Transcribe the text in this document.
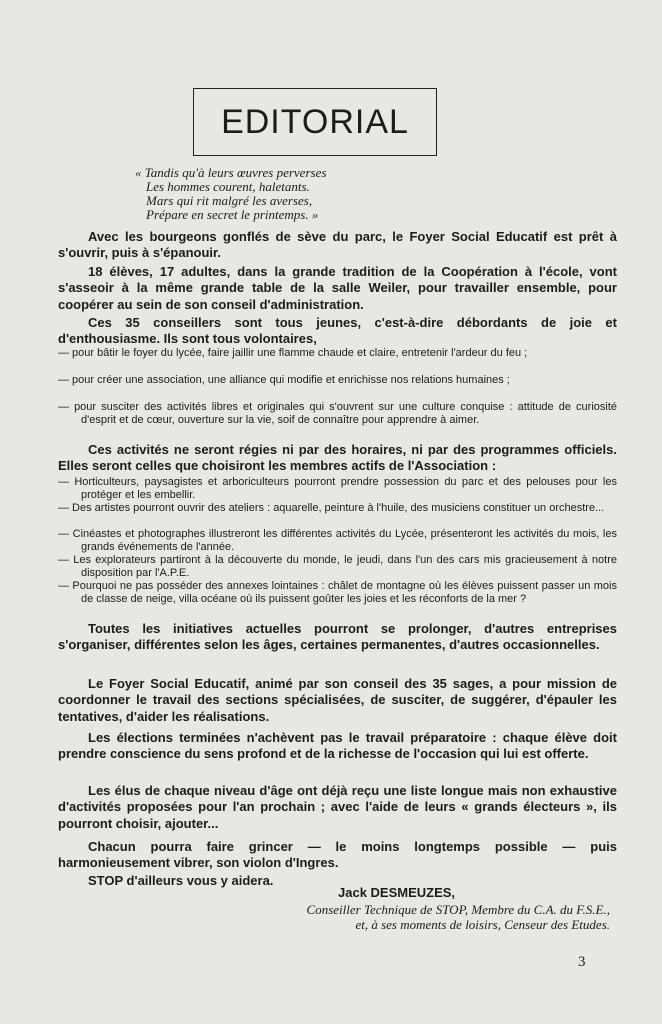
EDITORIAL
« Tandis qu'à leurs œuvres perverses
Les hommes courent, haletants.
Mars qui rit malgré les averses,
Prépare en secret le printemps. »
Avec les bourgeons gonflés de sève du parc, le Foyer Social Educatif est prêt à s'ouvrir, puis à s'épanouir.
18 élèves, 17 adultes, dans la grande tradition de la Coopération à l'école, vont s'asseoir à la même grande table de la salle Weiler, pour travailler ensemble, pour coopérer au sein de son conseil d'administration.
Ces 35 conseillers sont tous jeunes, c'est-à-dire débordants de joie et d'enthousiasme. Ils sont tous volontaires,
— pour bâtir le foyer du lycée, faire jaillir une flamme chaude et claire, entretenir l'ardeur du feu ;
— pour créer une association, une alliance qui modifie et enrichisse nos relations humaines ;
— pour susciter des activités libres et originales qui s'ouvrent sur une culture conquise : attitude de curiosité d'esprit et de cœur, ouverture sur la vie, soif de connaître pour apprendre à aimer.
Ces activités ne seront régies ni par des horaires, ni par des programmes officiels. Elles seront celles que choisiront les membres actifs de l'Association :
— Horticulteurs, paysagistes et arboriculteurs pourront prendre possession du parc et des pelouses pour les protéger et les embellir.
— Des artistes pourront ouvrir des ateliers : aquarelle, peinture à l'huile, des musiciens constituer un orchestre...
— Cinéastes et photographes illustreront les différentes activités du Lycée, présenteront les activités du mois, les grands événements de l'année.
— Les explorateurs partiront à la découverte du monde, le jeudi, dans l'un des cars mis gracieusement à notre disposition par l'A.P.E.
— Pourquoi ne pas posséder des annexes lointaines : châlet de montagne où les élèves puissent passer un mois de classe de neige, villa océane où ils puissent goûter les joies et les réconforts de la mer ?
Toutes les initiatives actuelles pourront se prolonger, d'autres entreprises s'organiser, différentes selon les âges, certaines permanentes, d'autres occasionnelles.
Le Foyer Social Educatif, animé par son conseil des 35 sages, a pour mission de coordonner le travail des sections spécialisées, de susciter, de suggérer, d'épauler les tentatives, d'aider les réalisations.
Les élections terminées n'achèvent pas le travail préparatoire : chaque élève doit prendre conscience du sens profond et de la richesse de l'occasion qui lui est offerte.
Les élus de chaque niveau d'âge ont déjà reçu une liste longue mais non exhaustive d'activités proposées pour l'an prochain ; avec l'aide de leurs « grands électeurs », ils pourront choisir, ajouter...
Chacun pourra faire grincer — le moins longtemps possible — puis harmonieusement vibrer, son violon d'Ingres.
STOP d'ailleurs vous y aidera.
Jack DESMEUZES,
Conseiller Technique de STOP, Membre du C.A. du F.S.E.,
et, à ses moments de loisirs, Censeur des Etudes.
3
